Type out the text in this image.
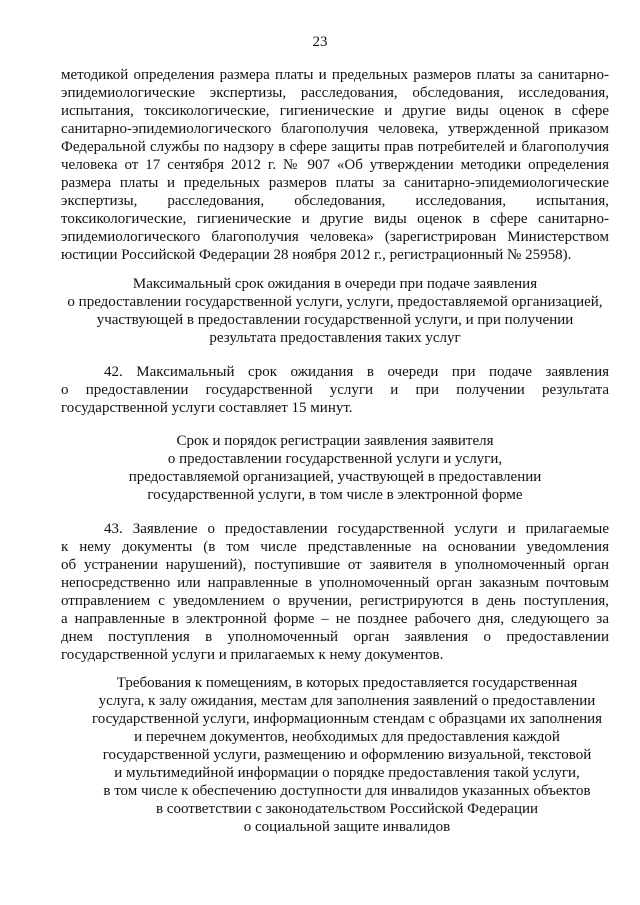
23
методикой определения размера платы и предельных размеров платы за санитарно-
эпидемиологические экспертизы, расследования, обследования, исследования,
испытания, токсикологические, гигиенические и другие виды оценок в сфере
санитарно-эпидемиологического благополучия человека, утвержденной приказом
Федеральной службы по надзору в сфере защиты прав потребителей и благополучия
человека от 17 сентября 2012 г. № 907 «Об утверждении методики определения
размера платы и предельных размеров платы за санитарно-эпидемиологические
экспертизы, расследования, обследования, исследования, испытания,
токсикологические, гигиенические и другие виды оценок в сфере санитарно-
эпидемиологического благополучия человека» (зарегистрирован Министерством
юстиции Российской Федерации 28 ноября 2012 г., регистрационный № 25958).
Максимальный срок ожидания в очереди при подаче заявления
о предоставлении государственной услуги, услуги, предоставляемой организацией,
участвующей в предоставлении государственной услуги, и при получении
результата предоставления таких услуг
42. Максимальный срок ожидания в очереди при подаче заявления
о предоставлении государственной услуги и при получении результата
государственной услуги составляет 15 минут.
Срок и порядок регистрации заявления заявителя
о предоставлении государственной услуги и услуги,
предоставляемой организацией, участвующей в предоставлении
государственной услуги, в том числе в электронной форме
43. Заявление о предоставлении государственной услуги и прилагаемые
к нему документы (в том числе представленные на основании уведомления
об устранении нарушений), поступившие от заявителя в уполномоченный орган
непосредственно или направленные в уполномоченный орган заказным почтовым
отправлением с уведомлением о вручении, регистрируются в день поступления,
а направленные в электронной форме – не позднее рабочего дня, следующего за
днем поступления в уполномоченный орган заявления о предоставлении
государственной услуги и прилагаемых к нему документов.
Требования к помещениям, в которых предоставляется государственная
услуга, к залу ожидания, местам для заполнения заявлений о предоставлении
государственной услуги, информационным стендам с образцами их заполнения
и перечнем документов, необходимых для предоставления каждой
государственной услуги, размещению и оформлению визуальной, текстовой
и мультимедийной информации о порядке предоставления такой услуги,
в том числе к обеспечению доступности для инвалидов указанных объектов
в соответствии с законодательством Российской Федерации
о социальной защите инвалидов
